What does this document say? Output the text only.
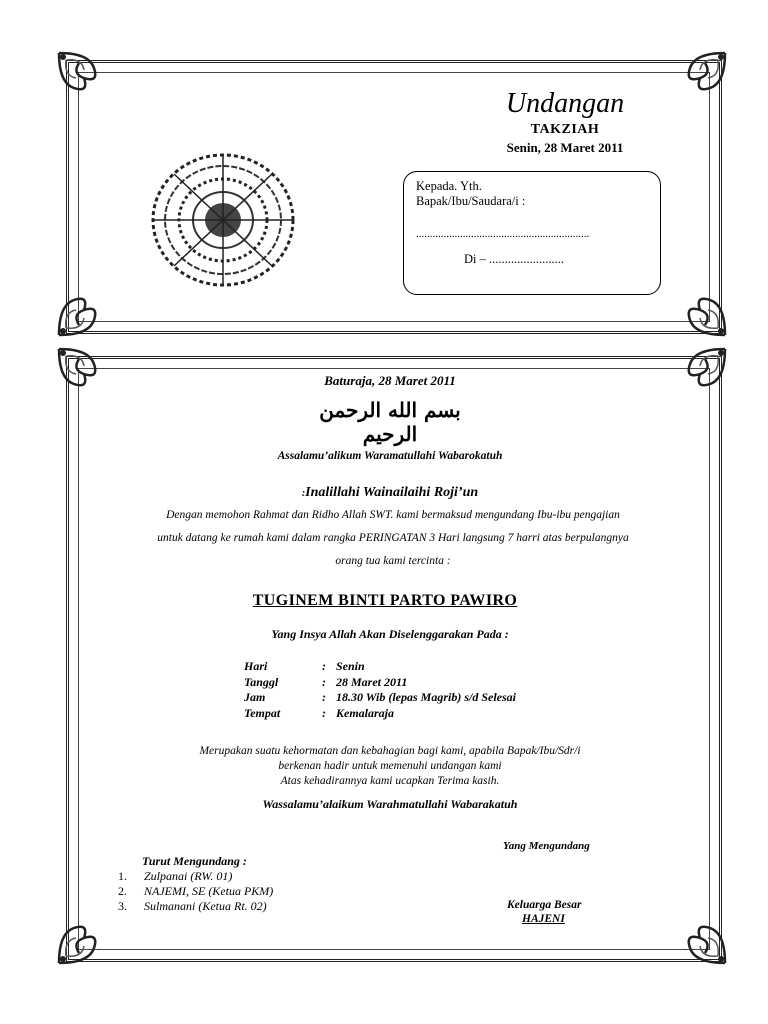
Undangan
TAKZIAH
Senin, 28 Maret 2011
Kepada. Yth.
Bapak/Ibu/Saudara/i :
...............................................................
Di – ........................
Baturaja, 28 Maret 2011
بسم الله الرحمن الرحيم
Assalamu’alikum Waramatullahi Wabarokatuh
:Inalillahi Wainailaihi Roji’un
Dengan memohon Rahmat dan Ridho Allah SWT. kami bermaksud mengundang Ibu-ibu pengajian
untuk datang ke rumah kami dalam rangka PERINGATAN 3 Hari langsung 7 harri atas berpulangnya
orang tua kami tercinta :
TUGINEM BINTI PARTO PAWIRO
Yang Insya Allah Akan Diselenggarakan Pada :
Hari	: Senin
Tanggl	: 28 Maret 2011
Jam	: 18.30 Wib (lepas Magrib) s/d Selesai
Tempat	: Kemalaraja
Merupakan suatu kehormatan dan kebahagian bagi kami, apabila Bapak/Ibu/Sdr/i
berkenan hadir untuk memenuhi undangan kami
Atas kehadirannya kami ucapkan Terima kasih.
Wassalamu’alaikum Warahmatullahi Wabarakatuh
Yang Mengundang
Turut Mengundang :
1. Zulpanai (RW. 01)
2. NAJEMI, SE (Ketua PKM)
3. Sulmanani (Ketua Rt. 02)	Keluarga Besar
HAJENI
